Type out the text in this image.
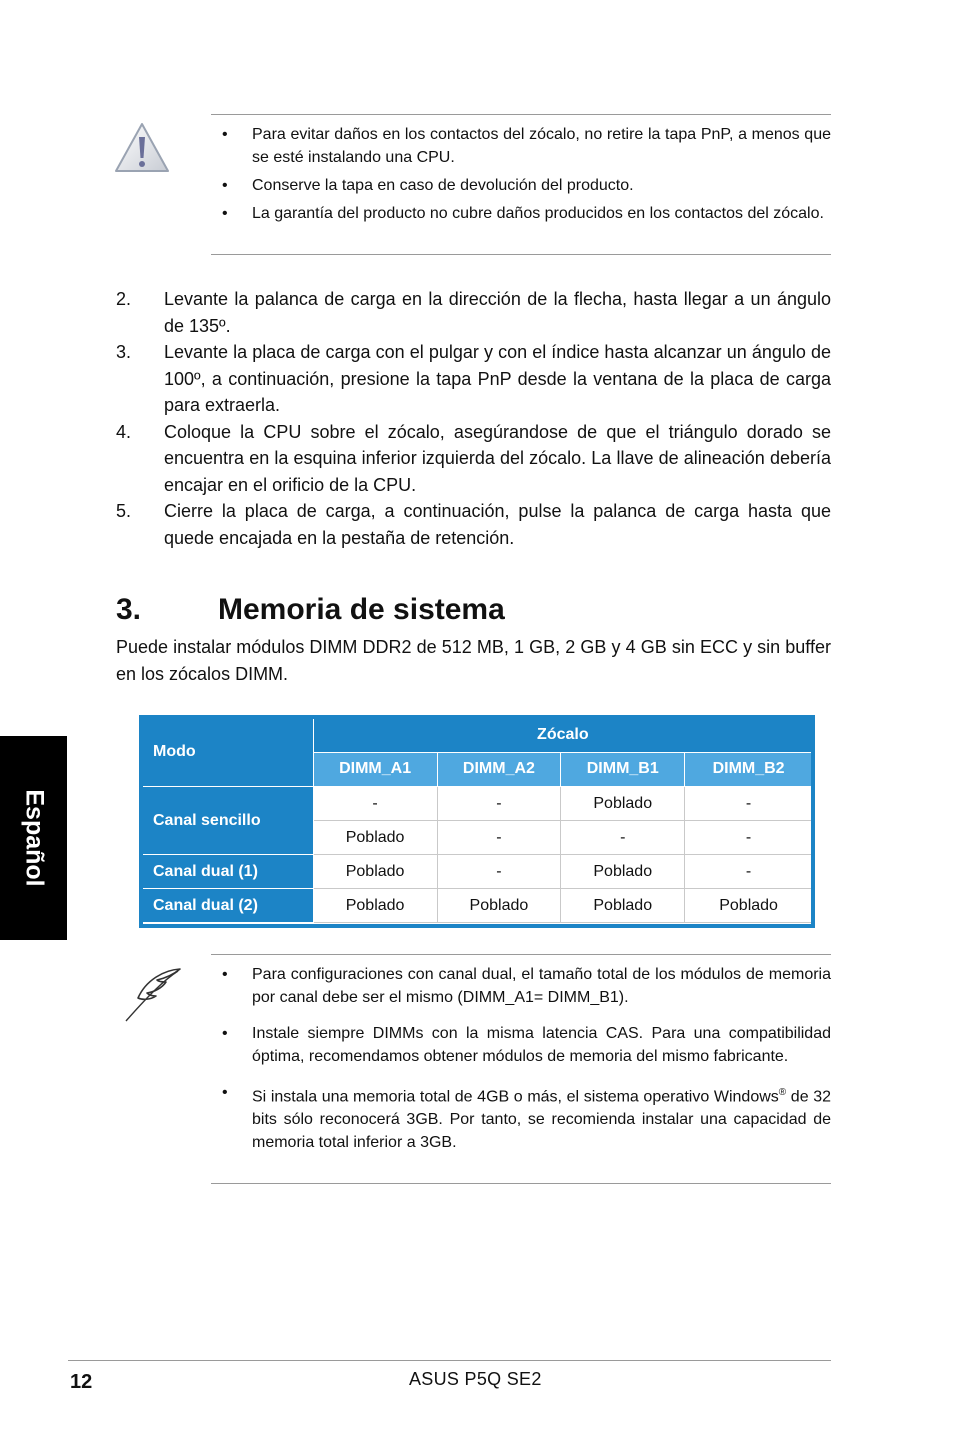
• Para evitar daños en los contactos del zócalo, no retire la tapa PnP, a menos que se esté instalando una CPU.
• Conserve la tapa en caso de devolución del producto.
• La garantía del producto no cubre daños producidos en los contactos del zócalo.
2. Levante la palanca de carga en la dirección de la flecha, hasta llegar a un ángulo de 135º.
3. Levante la placa de carga con el pulgar y con el índice hasta alcanzar un ángulo de 100º, a continuación, presione la tapa PnP desde la ventana de la placa de carga para extraerla.
4. Coloque la CPU sobre el zócalo, asegúrandose de que el triángulo dorado se encuentra en la esquina inferior izquierda del zócalo. La llave de alineación debería encajar en el orificio de la CPU.
5. Cierre la placa de carga, a continuación, pulse la palanca de carga hasta que quede encajada en la pestaña de retención.
3.	Memoria de sistema
Puede instalar módulos DIMM DDR2 de 512 MB, 1 GB, 2 GB y 4 GB sin ECC y sin buffer en los zócalos DIMM.
Español
Modo	Zócalo			
	DIMM_A1	DIMM_A2	DIMM_B1	DIMM_B2
Canal sencillo	-	-	Poblado	-
	Poblado	-	-	-
Canal dual (1)	Poblado	-	Poblado	-
Canal dual (2)	Poblado	Poblado	Poblado	Poblado
• Para configuraciones con canal dual, el tamaño total de los módulos de memoria por canal debe ser el mismo (DIMM_A1= DIMM_B1).
• Instale siempre DIMMs con la misma latencia CAS. Para una compatibilidad óptima, recomendamos obtener módulos de memoria del mismo fabricante.
• Si instala una memoria total de 4GB o más, el sistema operativo Windows® de 32 bits sólo reconocerá 3GB. Por tanto, se recomienda instalar una capacidad de memoria total inferior a 3GB.
12	ASUS P5Q SE2
